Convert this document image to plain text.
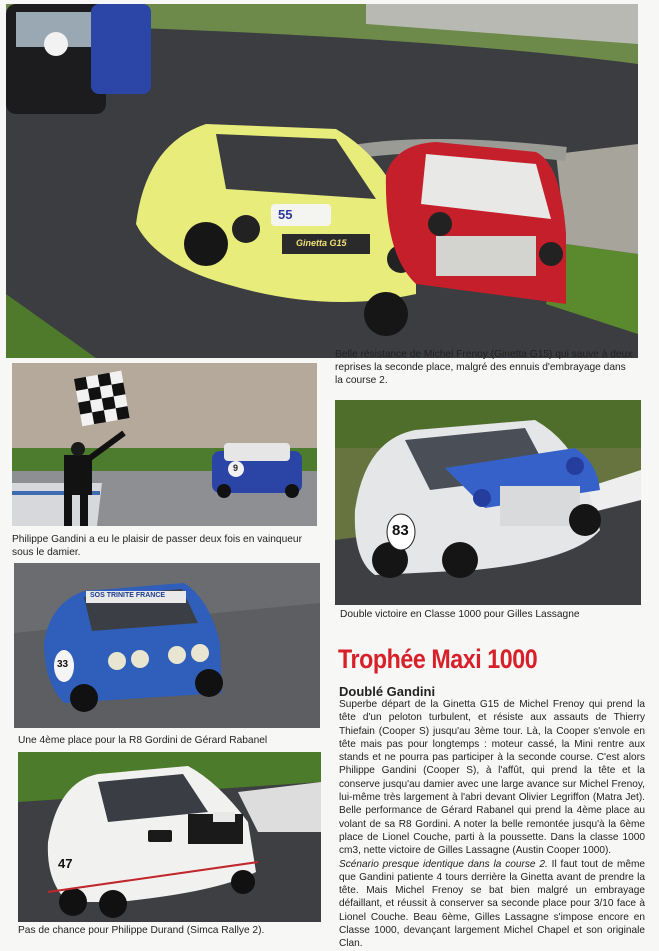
55
Ginetta G15
Belle résistance de Michel Frenoy (Ginetta G15) qui sauve à deux reprises la seconde place, malgré des ennuis d'embrayage dans la course 2.
9
Philippe Gandini a eu le plaisir de passer deux fois en vainqueur sous le damier.
83
Double victoire en Classe 1000 pour Gilles Lassagne
SOS TRINITE FRANCE
33
Une 4ème place pour la R8 Gordini de Gérard Rabanel
47
Pas de chance pour Philippe Durand (Simca Rallye 2).
Trophée Maxi 1000
Doublé Gandini

Superbe départ de la Ginetta G15 de Michel Frenoy qui prend la tête d'un peloton turbulent, et résiste aux assauts de Thierry Thiefain (Cooper S) jusqu'au 3ème tour. Là, la Cooper s'envole en tête mais pas pour longtemps : moteur cassé, la Mini rentre aux stands et ne pourra pas participer à la seconde course. C'est alors Philippe Gandini (Cooper S), à l'affût, qui prend la tête et la conserve jusqu'au damier avec une large avance sur Michel Frenoy, lui-même très largement à l'abri devant Olivier Legriffon (Matra Jet). Belle performance de Gérard Rabanel qui prend la 4ème place au volant de sa R8 Gordini. A noter la belle remontée jusqu'à la 6ème place de Lionel Couche, parti à la poussette. Dans la classe 1000 cm3, nette victoire de Gilles Lassagne (Austin Cooper 1000).

Scénario presque identique dans la course 2. Il faut tout de même que Gandini patiente 4 tours derrière la Ginetta avant de prendre la tête. Mais Michel Frenoy se bat bien malgré un embrayage défaillant, et réussit à conserver sa seconde place pour 3/10 face à Lionel Couche. Beau 6ème, Gilles Lassagne s'impose encore en Classe 1000, devançant largement Michel Chapel et son originale Clan.
